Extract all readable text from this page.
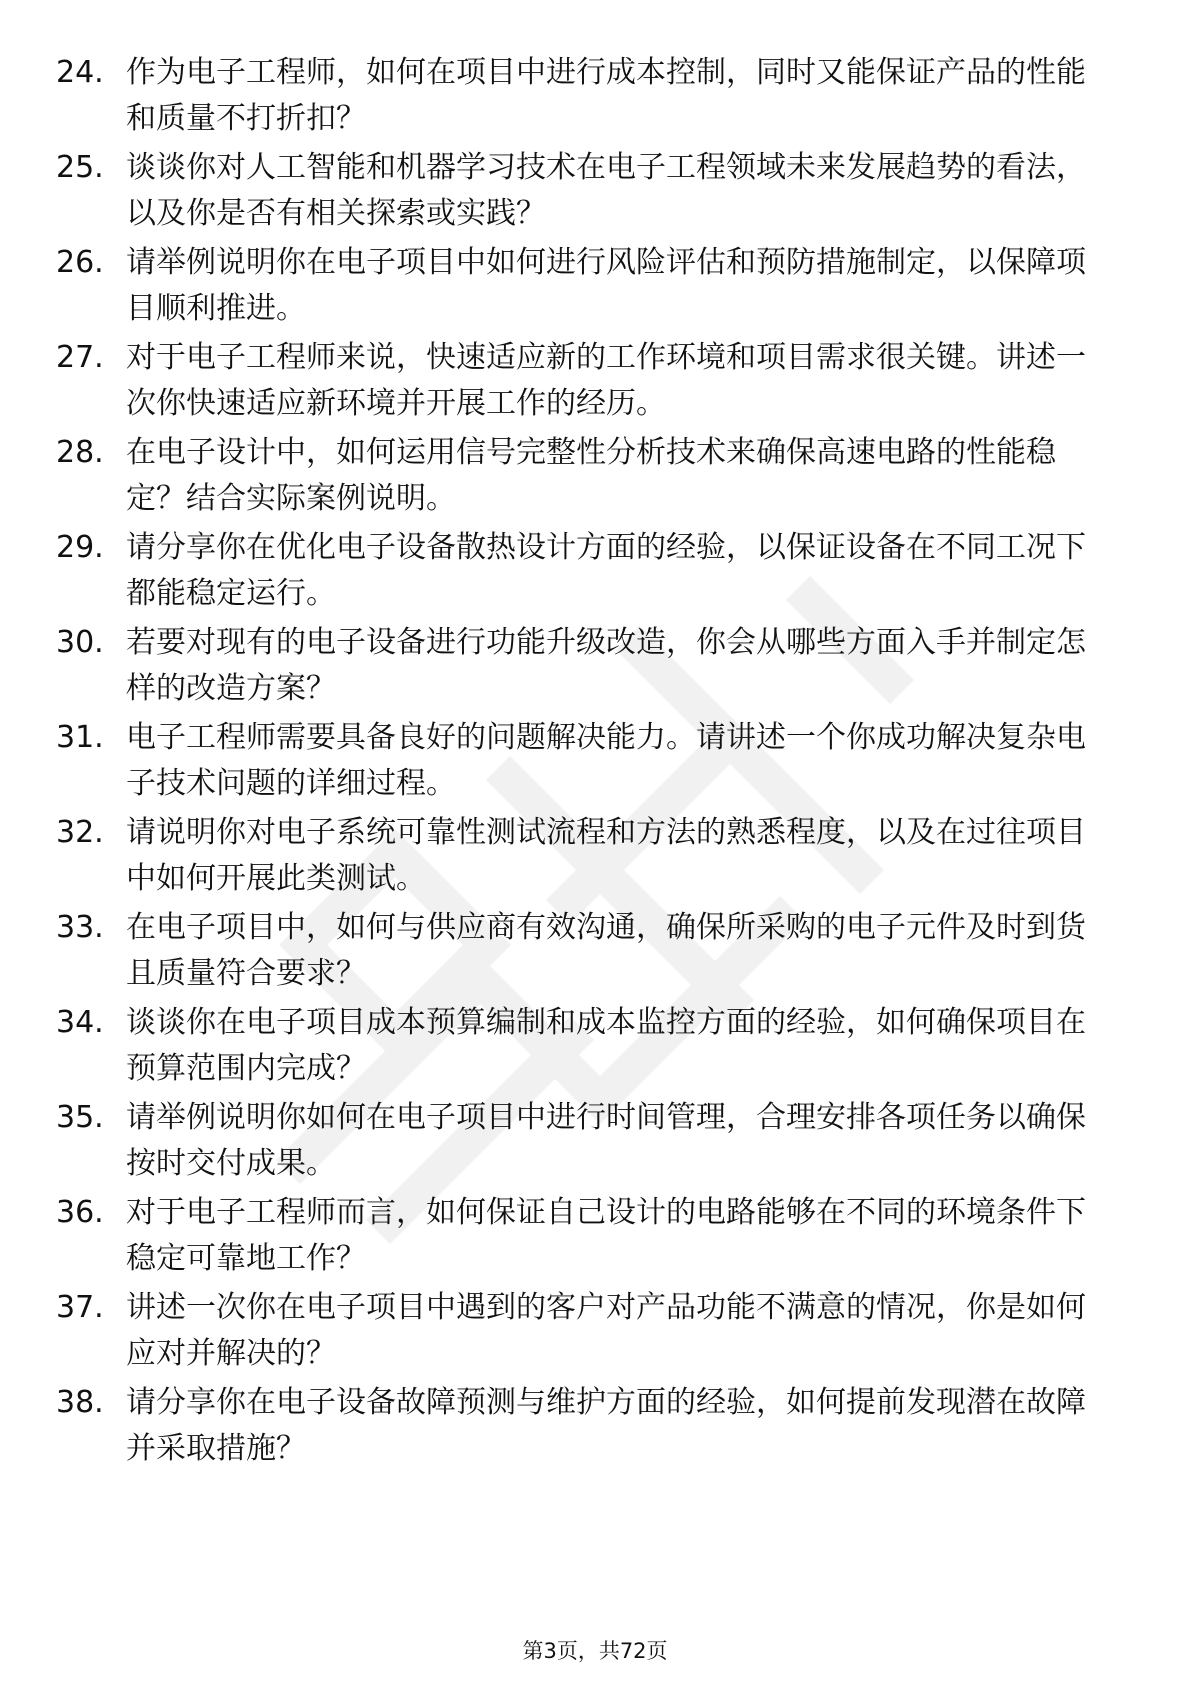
24. 作为电子工程师，如何在项目中进行成本控制，同时又能保证产品的性能和质量不打折扣？
25. 谈谈你对人工智能和机器学习技术在电子工程领域未来发展趋势的看法，以及你是否有相关探索或实践？
26. 请举例说明你在电子项目中如何进行风险评估和预防措施制定，以保障项目顺利推进。
27. 对于电子工程师来说，快速适应新的工作环境和项目需求很关键。讲述一次你快速适应新环境并开展工作的经历。
28. 在电子设计中，如何运用信号完整性分析技术来确保高速电路的性能稳定？结合实际案例说明。
29. 请分享你在优化电子设备散热设计方面的经验，以保证设备在不同工况下都能稳定运行。
30. 若要对现有的电子设备进行功能升级改造，你会从哪些方面入手并制定怎样的改造方案？
31. 电子工程师需要具备良好的问题解决能力。请讲述一个你成功解决复杂电子技术问题的详细过程。
32. 请说明你对电子系统可靠性测试流程和方法的熟悉程度，以及在过往项目中如何开展此类测试。
33. 在电子项目中，如何与供应商有效沟通，确保所采购的电子元件及时到货且质量符合要求？
34. 谈谈你在电子项目成本预算编制和成本监控方面的经验，如何确保项目在预算范围内完成？
35. 请举例说明你如何在电子项目中进行时间管理，合理安排各项任务以确保按时交付成果。
36. 对于电子工程师而言，如何保证自己设计的电路能够在不同的环境条件下稳定可靠地工作？
37. 讲述一次你在电子项目中遇到的客户对产品功能不满意的情况，你是如何应对并解决的？
38. 请分享你在电子设备故障预测与维护方面的经验，如何提前发现潜在故障并采取措施？
第3页，共72页
